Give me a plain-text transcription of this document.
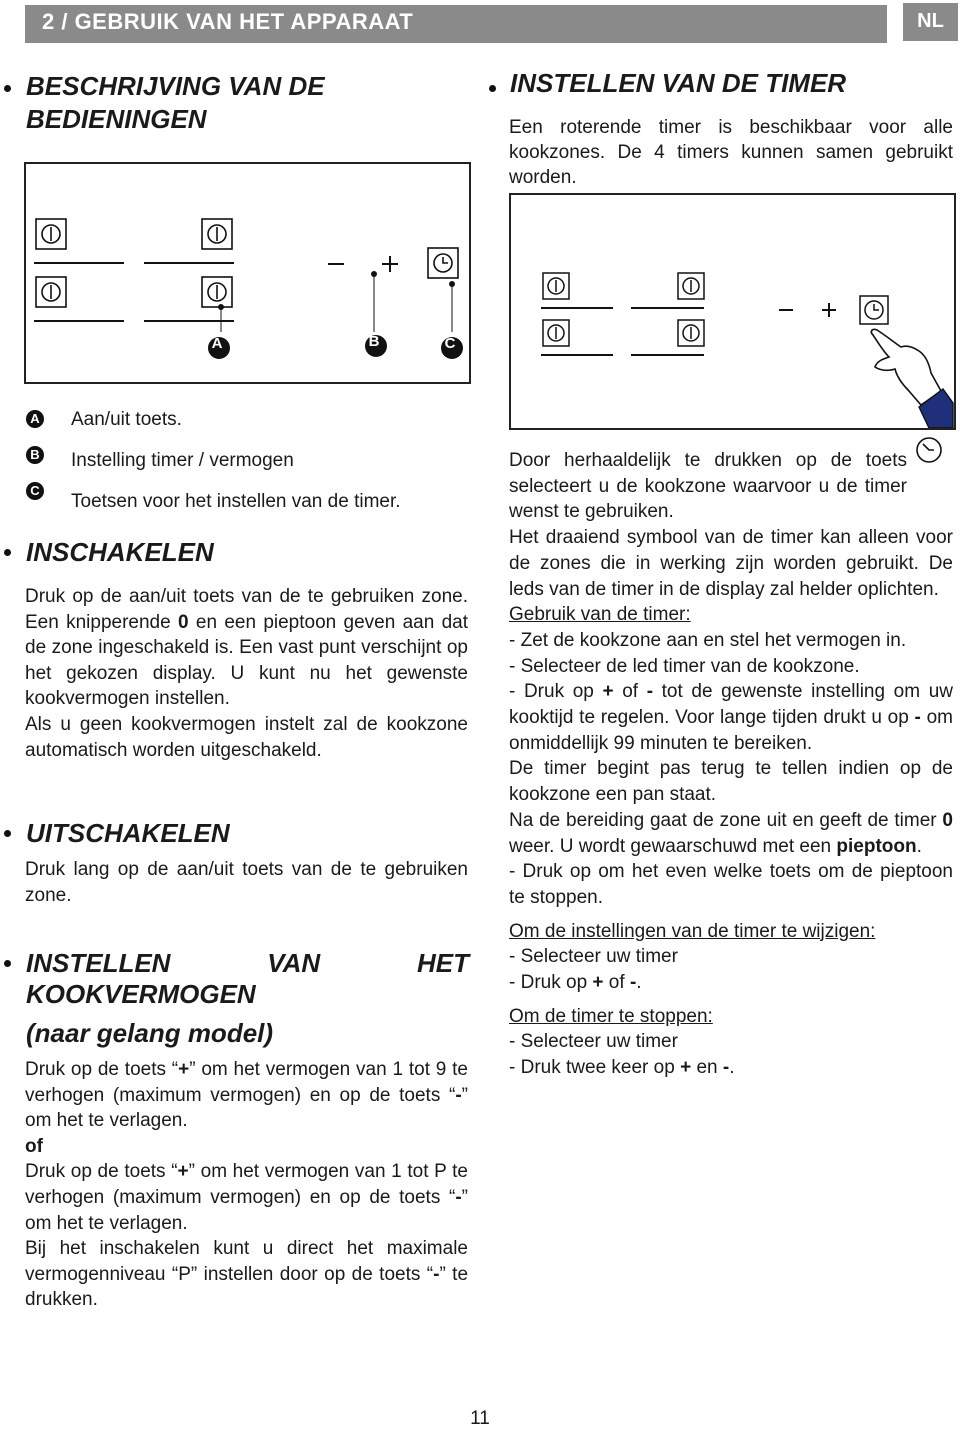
2 / GEBRUIK VAN HET APPARAAT	NL
BESCHRIJVING VAN DE
BEDIENINGEN
A	B	C
A Aan/uit toets.
B Instelling timer / vermogen
C
Toetsen voor het instellen van de timer.
INSCHAKELEN

Druk op de aan/uit toets van de te gebruiken zone. Een knipperende 0 en een pieptoon geven aan dat de zone ingeschakeld is. Een vast punt verschijnt op het gekozen display. U kunt nu het gewenste kookvermogen instellen.

Als u geen kookvermogen instelt zal de kookzone automatisch worden uitgeschakeld.

UITSCHAKELEN
Druk lang op de aan/uit toets van de te gebruiken zone.
INSTELLEN	VAN	HET
KOOKVERMOGEN
(naar gelang model)

Druk op de toets “+” om het vermogen van 1 tot 9 te verhogen (maximum vermogen) en op de toets “-” om het te verlagen.

of

Druk op de toets “+” om het vermogen van 1 tot P te verhogen (maximum vermogen) en op de toets “-” om het te verlagen.

Bij het inschakelen kunt u direct het maximale vermogenniveau “P” instellen door op de toets “-” te drukken.

INSTELLEN VAN DE TIMER
Een roterende timer is beschikbaar voor alle kookzones. De 4 timers kunnen samen gebruikt worden.

Door herhaaldelijk te drukken op de toets selecteert u de kookzone waarvoor u de timer wenst te gebruiken.

Het draaiend symbool van de timer kan alleen voor de zones die in werking zijn worden gebruikt. De leds van de timer in de display zal helder oplichten.

Gebruik van de timer:

- Zet de kookzone aan en stel het vermogen in.

- Selecteer de led timer van de kookzone.

- Druk op + of - tot de gewenste instelling om uw kooktijd te regelen. Voor lange tijden drukt u op - om onmiddellijk 99 minuten te bereiken.

De timer begint pas terug te tellen indien op de kookzone een pan staat.

Na de bereiding gaat de zone uit en geeft de timer 0 weer. U wordt gewaarschuwd met een pieptoon.

- Druk op om het even welke toets om de pieptoon te stoppen.

Om de instellingen van de timer te wijzigen:

- Selecteer uw timer

- Druk op + of -.

Om de timer te stoppen:

- Selecteer uw timer

- Druk twee keer op + en -.

11
